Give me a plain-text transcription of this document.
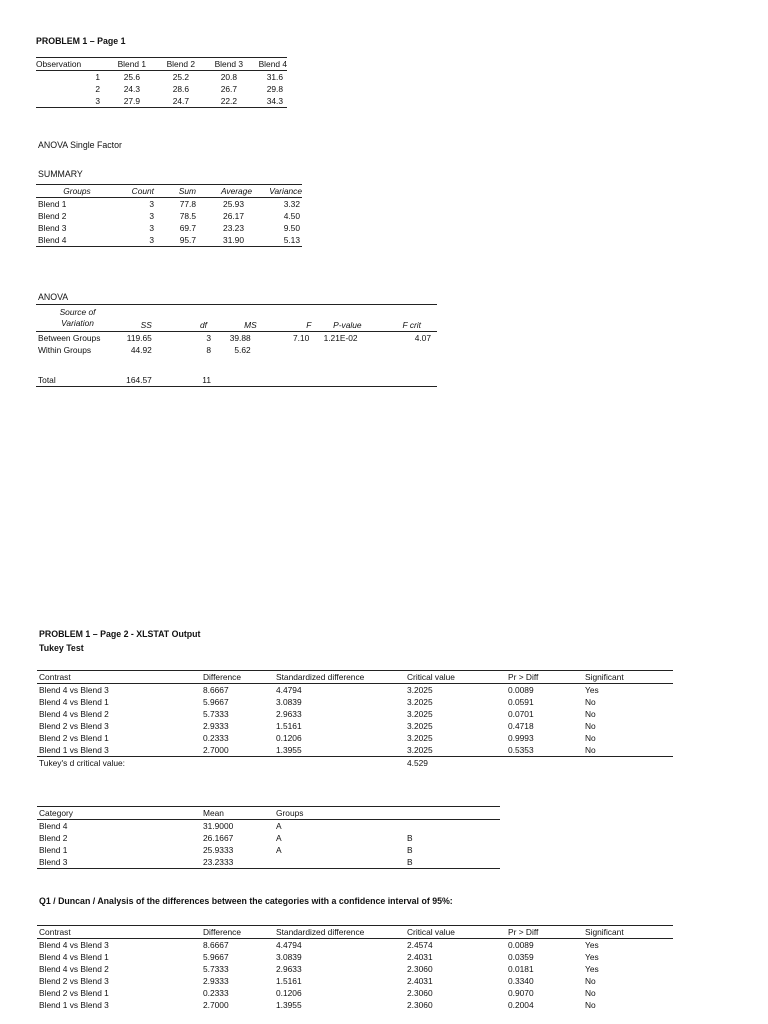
PROBLEM 1 – Page 1
Observation	Blend 1	Blend 2	Blend 3	Blend 4
1	25.6	25.2	20.8	31.6
2	24.3	28.6	26.7	29.8
3	27.9	24.7	22.2	34.3
ANOVA Single Factor
SUMMARY
Groups	Count	Sum	Average	Variance
Blend 1	3	77.8	25.93	3.32
Blend 2	3	78.5	26.17	4.50
Blend 3	3	69.7	23.23	9.50
Blend 4	3	95.7	31.90	5.13
ANOVA
Source of
Variation	SS	df	MS	F	P-value	F crit
Between Groups	119.65	3	39.88	7.10	1.21E-02	4.07
Within Groups	44.92	8	5.62			

Total	164.57	11				
PROBLEM 1 – Page 2 - XLSTAT Output
Tukey Test
Contrast	Difference	Standardized difference	Critical value	Pr > Diff	Significant
Blend 4 vs Blend 3	8.6667	4.4794	3.2025	0.0089	Yes
Blend 4 vs Blend 1	5.9667	3.0839	3.2025	0.0591	No
Blend 4 vs Blend 2	5.7333	2.9633	3.2025	0.0701	No
Blend 2 vs Blend 3	2.9333	1.5161	3.2025	0.4718	No
Blend 2 vs Blend 1	0.2333	0.1206	3.2025	0.9993	No
Blend 1 vs Blend 3	2.7000	1.3955	3.2025	0.5353	No
Tukey's d critical value:			4.529		
Category	Mean	Groups	
Blend 4	31.9000	A	
Blend 2	26.1667	A	B
Blend 1	25.9333	A	B
Blend 3	23.2333		B
Q1 / Duncan / Analysis of the differences between the categories with a confidence interval of 95%:
Contrast	Difference	Standardized difference	Critical value	Pr > Diff	Significant
Blend 4 vs Blend 3	8.6667	4.4794	2.4574	0.0089	Yes
Blend 4 vs Blend 1	5.9667	3.0839	2.4031	0.0359	Yes
Blend 4 vs Blend 2	5.7333	2.9633	2.3060	0.0181	Yes
Blend 2 vs Blend 3	2.9333	1.5161	2.4031	0.3340	No
Blend 2 vs Blend 1	0.2333	0.1206	2.3060	0.9070	No
Blend 1 vs Blend 3	2.7000	1.3955	2.3060	0.2004	No
